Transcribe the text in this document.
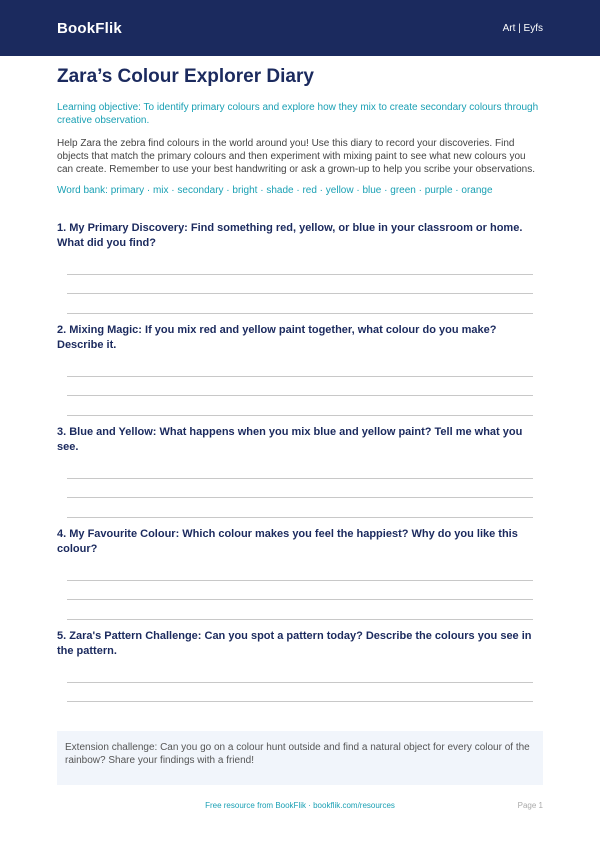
BookFlik	Art | Eyfs
Zara’s Colour Explorer Diary
Learning objective: To identify primary colours and explore how they mix to create secondary colours through creative observation.
Help Zara the zebra find colours in the world around you! Use this diary to record your discoveries. Find objects that match the primary colours and then experiment with mixing paint to see what new colours you can create. Remember to use your best handwriting or ask a grown-up to help you scribe your observations.
Word bank: primary · mix · secondary · bright · shade · red · yellow · blue · green · purple · orange
1. My Primary Discovery: Find something red, yellow, or blue in your classroom or home. What did you find?
2. Mixing Magic: If you mix red and yellow paint together, what colour do you make? Describe it.
3. Blue and Yellow: What happens when you mix blue and yellow paint? Tell me what you see.
4. My Favourite Colour: Which colour makes you feel the happiest? Why do you like this colour?
5. Zara's Pattern Challenge: Can you spot a pattern today? Describe the colours you see in the pattern.
Extension challenge: Can you go on a colour hunt outside and find a natural object for every colour of the rainbow? Share your findings with a friend!
Free resource from BookFlik · bookflik.com/resources	Page 1
